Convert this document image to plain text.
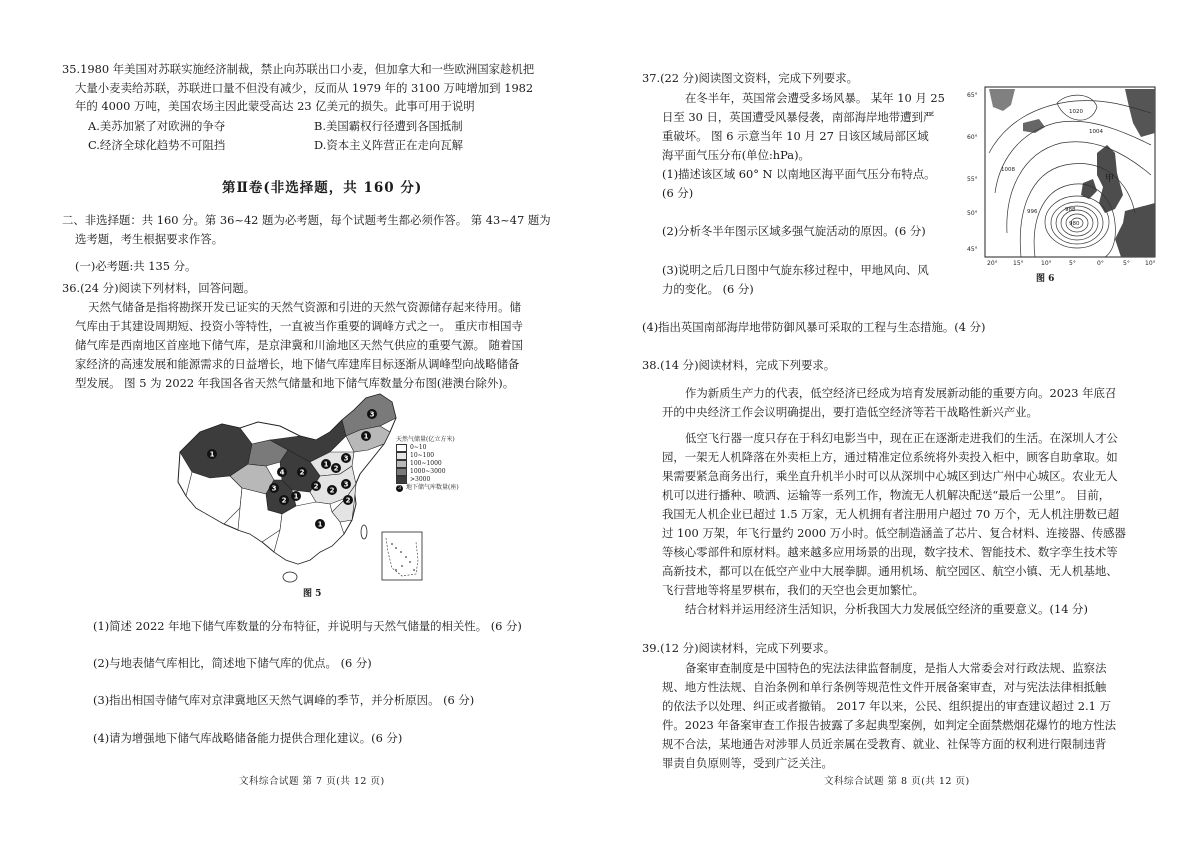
35.1980 年美国对苏联实施经济制裁，禁止向苏联出口小麦，但加拿大和一些欧洲国家趁机把
大量小麦卖给苏联，苏联进口量不但没有减少，反而从 1979 年的 3100 万吨增加到 1982
年的 4000 万吨，美国农场主因此蒙受高达 23 亿美元的损失。此事可用于说明
A.美苏加紧了对欧洲的争夺	B.美国霸权行径遭到各国抵制
C.经济全球化趋势不可阻挡	D.资本主义阵营正在走向瓦解
第Ⅱ卷(非选择题，共 160 分)
二、非选择题：共 160 分。第 36~42 题为必考题，每个试题考生都必须作答。 第 43~47 题为
选考题，考生根据要求作答。
(一)必考题:共 135 分。
36.(24 分)阅读下列材料，回答问题。
天然气储备是指将勘探开发已证实的天然气资源和引进的天然气资源储存起来待用。储
气库由于其建设周期短、投资小等特性，一直被当作重要的调峰方式之一。 重庆市相国寺
储气库是西南地区首座地下储气库，是京津冀和川渝地区天然气供应的重要气源。 随着国
家经济的高速发展和能源需求的日益增长，地下储气库建库目标逐渐从调峰型向战略储备
型发展。 图 5 为 2022 年我国各省天然气储量和地下储气库数量分布图(港澳台除外)。
1
3
1
3
2
1
2
4
3
2 1
2 2
3
2
1
天然气储量(亿立方米)
0~10
10~100
100~1000
1000~3000
>3000
3 地下储气库数量(座)
图 5
(1)简述 2022 年地下储气库数量的分布特征，并说明与天然气储量的相关性。 (6 分)
(2)与地表储气库相比，简述地下储气库的优点。 (6 分)
(3)指出相国寺储气库对京津冀地区天然气调峰的季节，并分析原因。 (6 分)
(4)请为增强地下储气库战略储备能力提供合理化建议。(6 分)
文科综合试题 第 7 页(共 12 页)
37.(22 分)阅读图文资料，完成下列要求。
在冬半年，英国常会遭受多场风暴。 某年 10 月 25
日至 30 日，英国遭受风暴侵袭，南部海岸地带遭到严
重破坏。 图 6 示意当年 10 月 27 日该区域局部区域
海平面气压分布(单位:hPa)。
(1)描述该区域 60° N 以南地区海平面气压分布特点。
(6 分)
(2)分析冬半年图示区域多强气旋活动的原因。(6 分)
(3)说明之后几日图中气旋东移过程中，甲地风向、风
力的变化。 (6 分)
(4)指出英国南部海岸地带防御风暴可采取的工程与生态措施。(4 分)
1004
996	988
980
1008
1020
甲
65°
60°
55°
50°
45°
20°	15°	10°	5°	0°	5°	10°
图 6
38.(14 分)阅读材料，完成下列要求。
作为新质生产力的代表，低空经济已经成为培育发展新动能的重要方向。2023 年底召
开的中央经济工作会议明确提出，要打造低空经济等若干战略性新兴产业。
低空飞行器一度只存在于科幻电影当中，现在正在逐渐走进我们的生活。在深圳人才公
园，一架无人机降落在外卖柜上方，通过精准定位系统将外卖投入柜中，顾客自助拿取。如
果需要紧急商务出行，乘坐直升机半小时可以从深圳中心城区到达广州中心城区。农业无人
机可以进行播种、喷洒、运输等一系列工作，物流无人机解决配送“最后一公里”。 目前，
我国无人机企业已超过 1.5 万家，无人机拥有者注册用户超过 70 万个，无人机注册数已超
过 100 万架，年飞行量约 2000 万小时。低空制造涵盖了芯片、复合材料、连接器、传感器
等核心零部件和原材料。越来越多应用场景的出现，数字技术、智能技术、数字孪生技术等
高新技术，都可以在低空产业中大展拳脚。通用机场、航空园区、航空小镇、无人机基地、
飞行营地等将星罗棋布，我们的天空也会更加繁忙。
结合材料并运用经济生活知识，分析我国大力发展低空经济的重要意义。(14 分)
39.(12 分)阅读材料，完成下列要求。
备案审查制度是中国特色的宪法法律监督制度，是指人大常委会对行政法规、监察法
规、地方性法规、自治条例和单行条例等规范性文件开展备案审查，对与宪法法律相抵触
的依法予以处理、纠正或者撤销。 2017 年以来，公民、组织提出的审查建议超过 2.1 万
件。2023 年备案审查工作报告披露了多起典型案例，如判定全面禁燃烟花爆竹的地方性法
规不合法，某地通告对涉罪人员近亲属在受教育、就业、社保等方面的权利进行限制违背
罪责自负原则等，受到广泛关注。
文科综合试题 第 8 页(共 12 页)
